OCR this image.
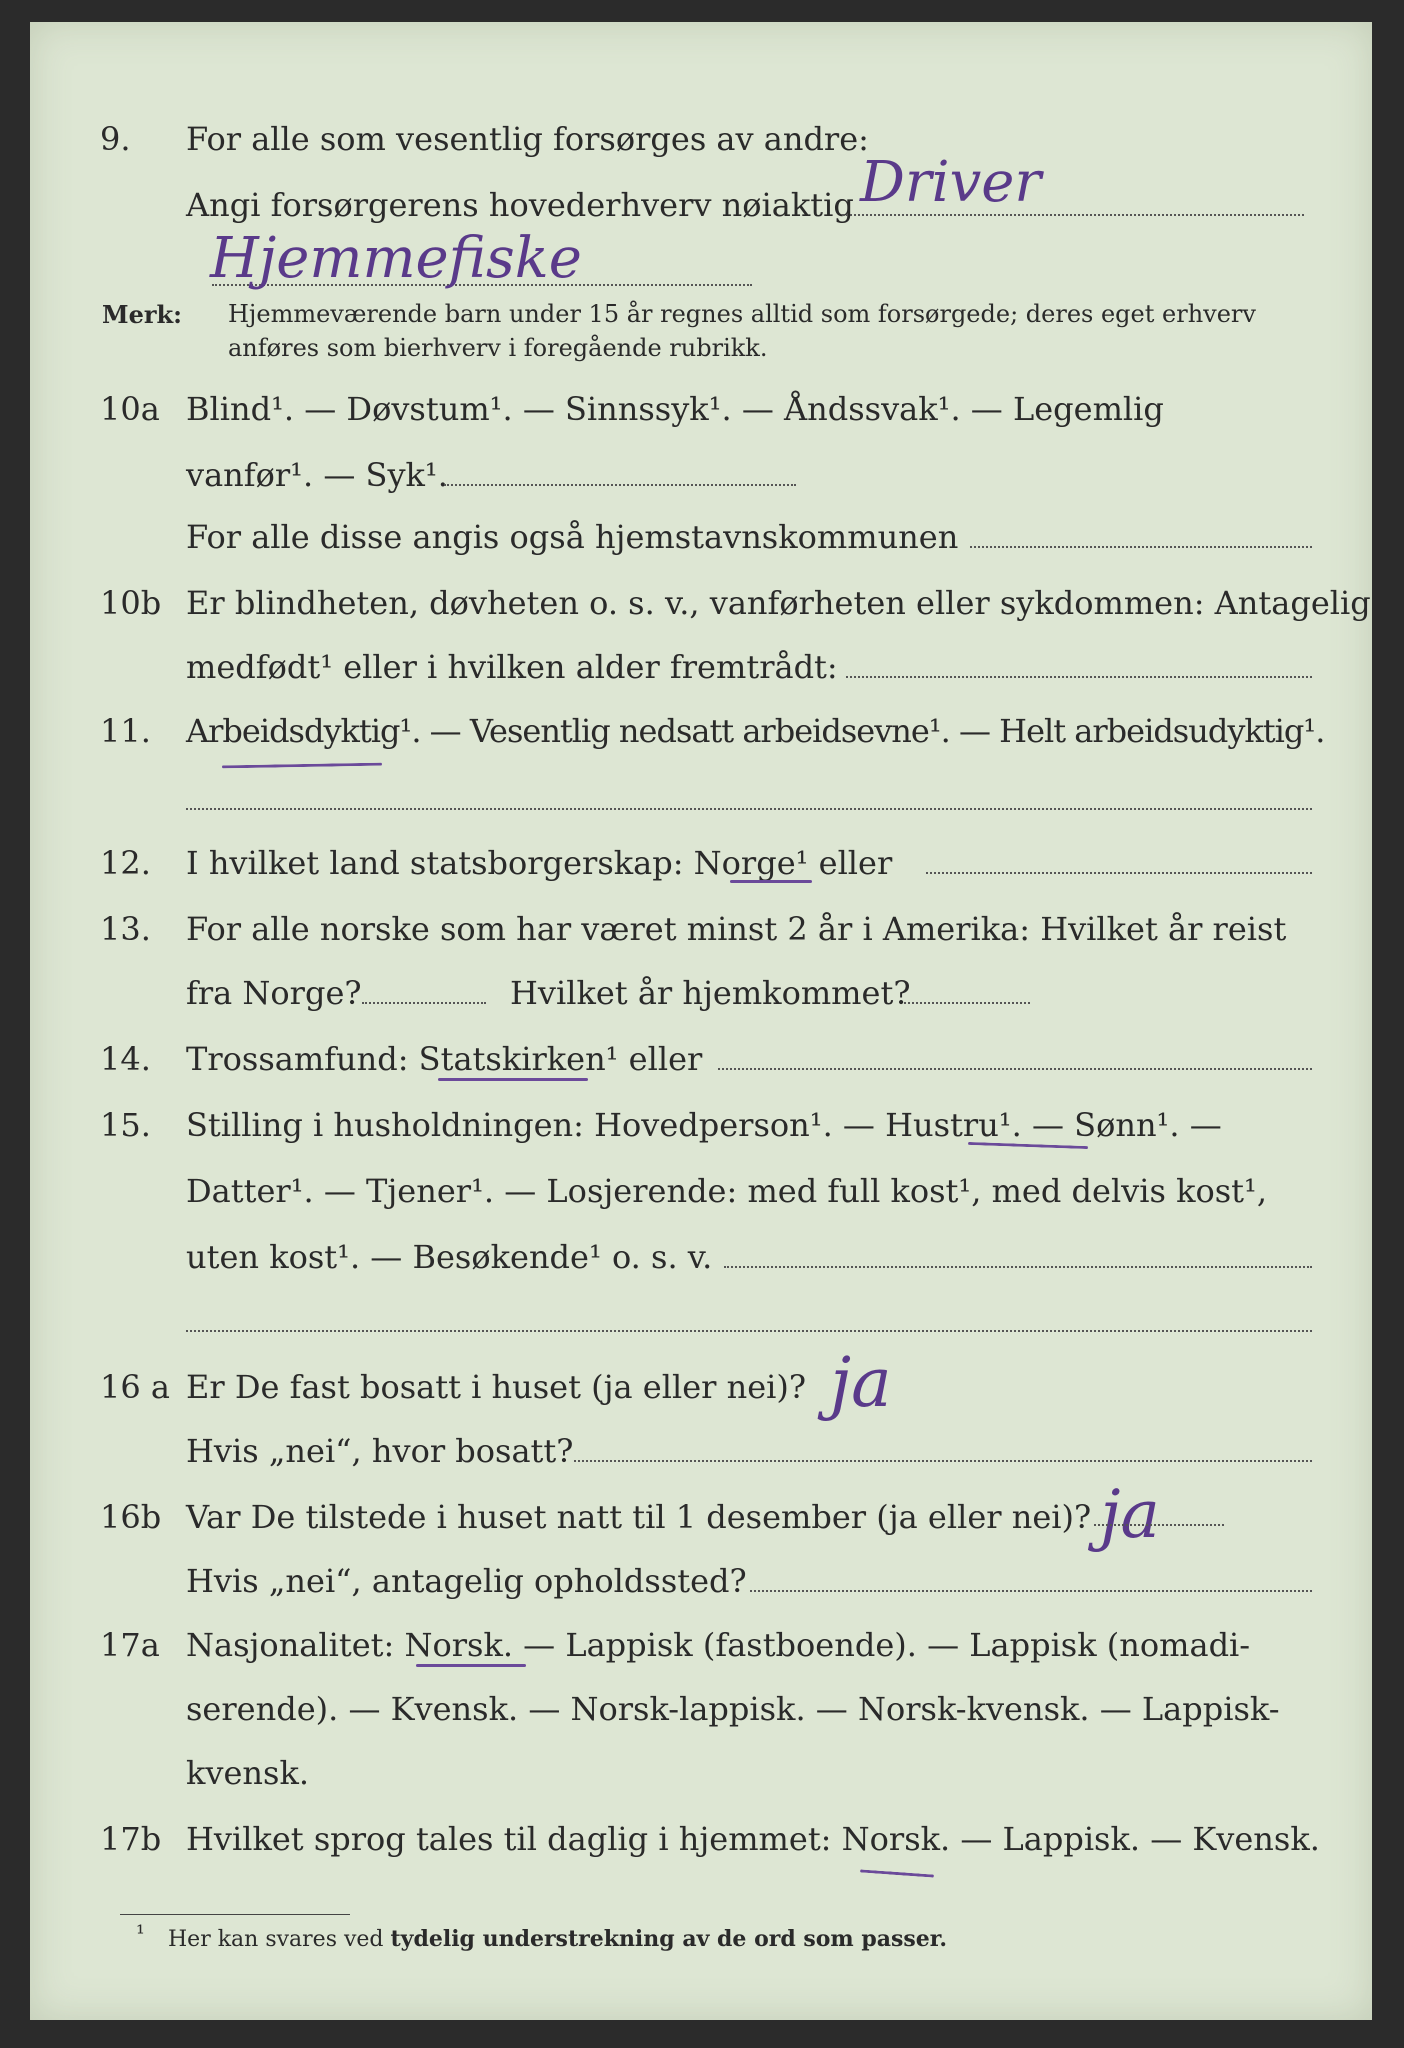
9. For alle som vesentlig forsørges av andre:
Angi forsørgerens hovederhverv nøiaktig Driver
Hjemmefiske
Merk: Hjemmeværende barn under 15 år regnes alltid som forsørgede; deres eget erhverv
anføres som bierhverv i foregående rubrikk.
10a Blind¹. — Døvstum¹. — Sinnssyk¹. — Åndssvak¹. — Legemlig
vanfør¹. — Syk¹.
For alle disse angis også hjemstavnskommunen
10b Er blindheten, døvheten o. s. v., vanførheten eller sykdommen: Antagelig
medfødt¹ eller i hvilken alder fremtrådt:
11. Arbeidsdyktig¹. — Vesentlig nedsatt arbeidsevne¹. — Helt arbeidsudyktig¹.
12. I hvilket land statsborgerskap: Norge¹ eller
13. For alle norske som har været minst 2 år i Amerika: Hvilket år reist
fra Norge?	Hvilket år hjemkommet?
14. Trossamfund: Statskirken¹ eller
15. Stilling i husholdningen: Hovedperson¹. — Hustru¹. — Sønn¹. —
Datter¹. — Tjener¹. — Losjerende: med full kost¹, med delvis kost¹,
uten kost¹. — Besøkende¹ o. s. v.
16 a Er De fast bosatt i huset (ja eller nei)? ja
Hvis „nei“, hvor bosatt?
16b Var De tilstede i huset natt til 1 desember (ja eller nei)? ja
Hvis „nei“, antagelig opholdssted?
17a Nasjonalitet: Norsk. — Lappisk (fastboende). — Lappisk (nomadi-
serende). — Kvensk. — Norsk-lappisk. — Norsk-kvensk. — Lappisk-
kvensk.
17b Hvilket sprog tales til daglig i hjemmet: Norsk. — Lappisk. — Kvensk.
¹ Her kan svares ved tydelig understrekning av de ord som passer.
